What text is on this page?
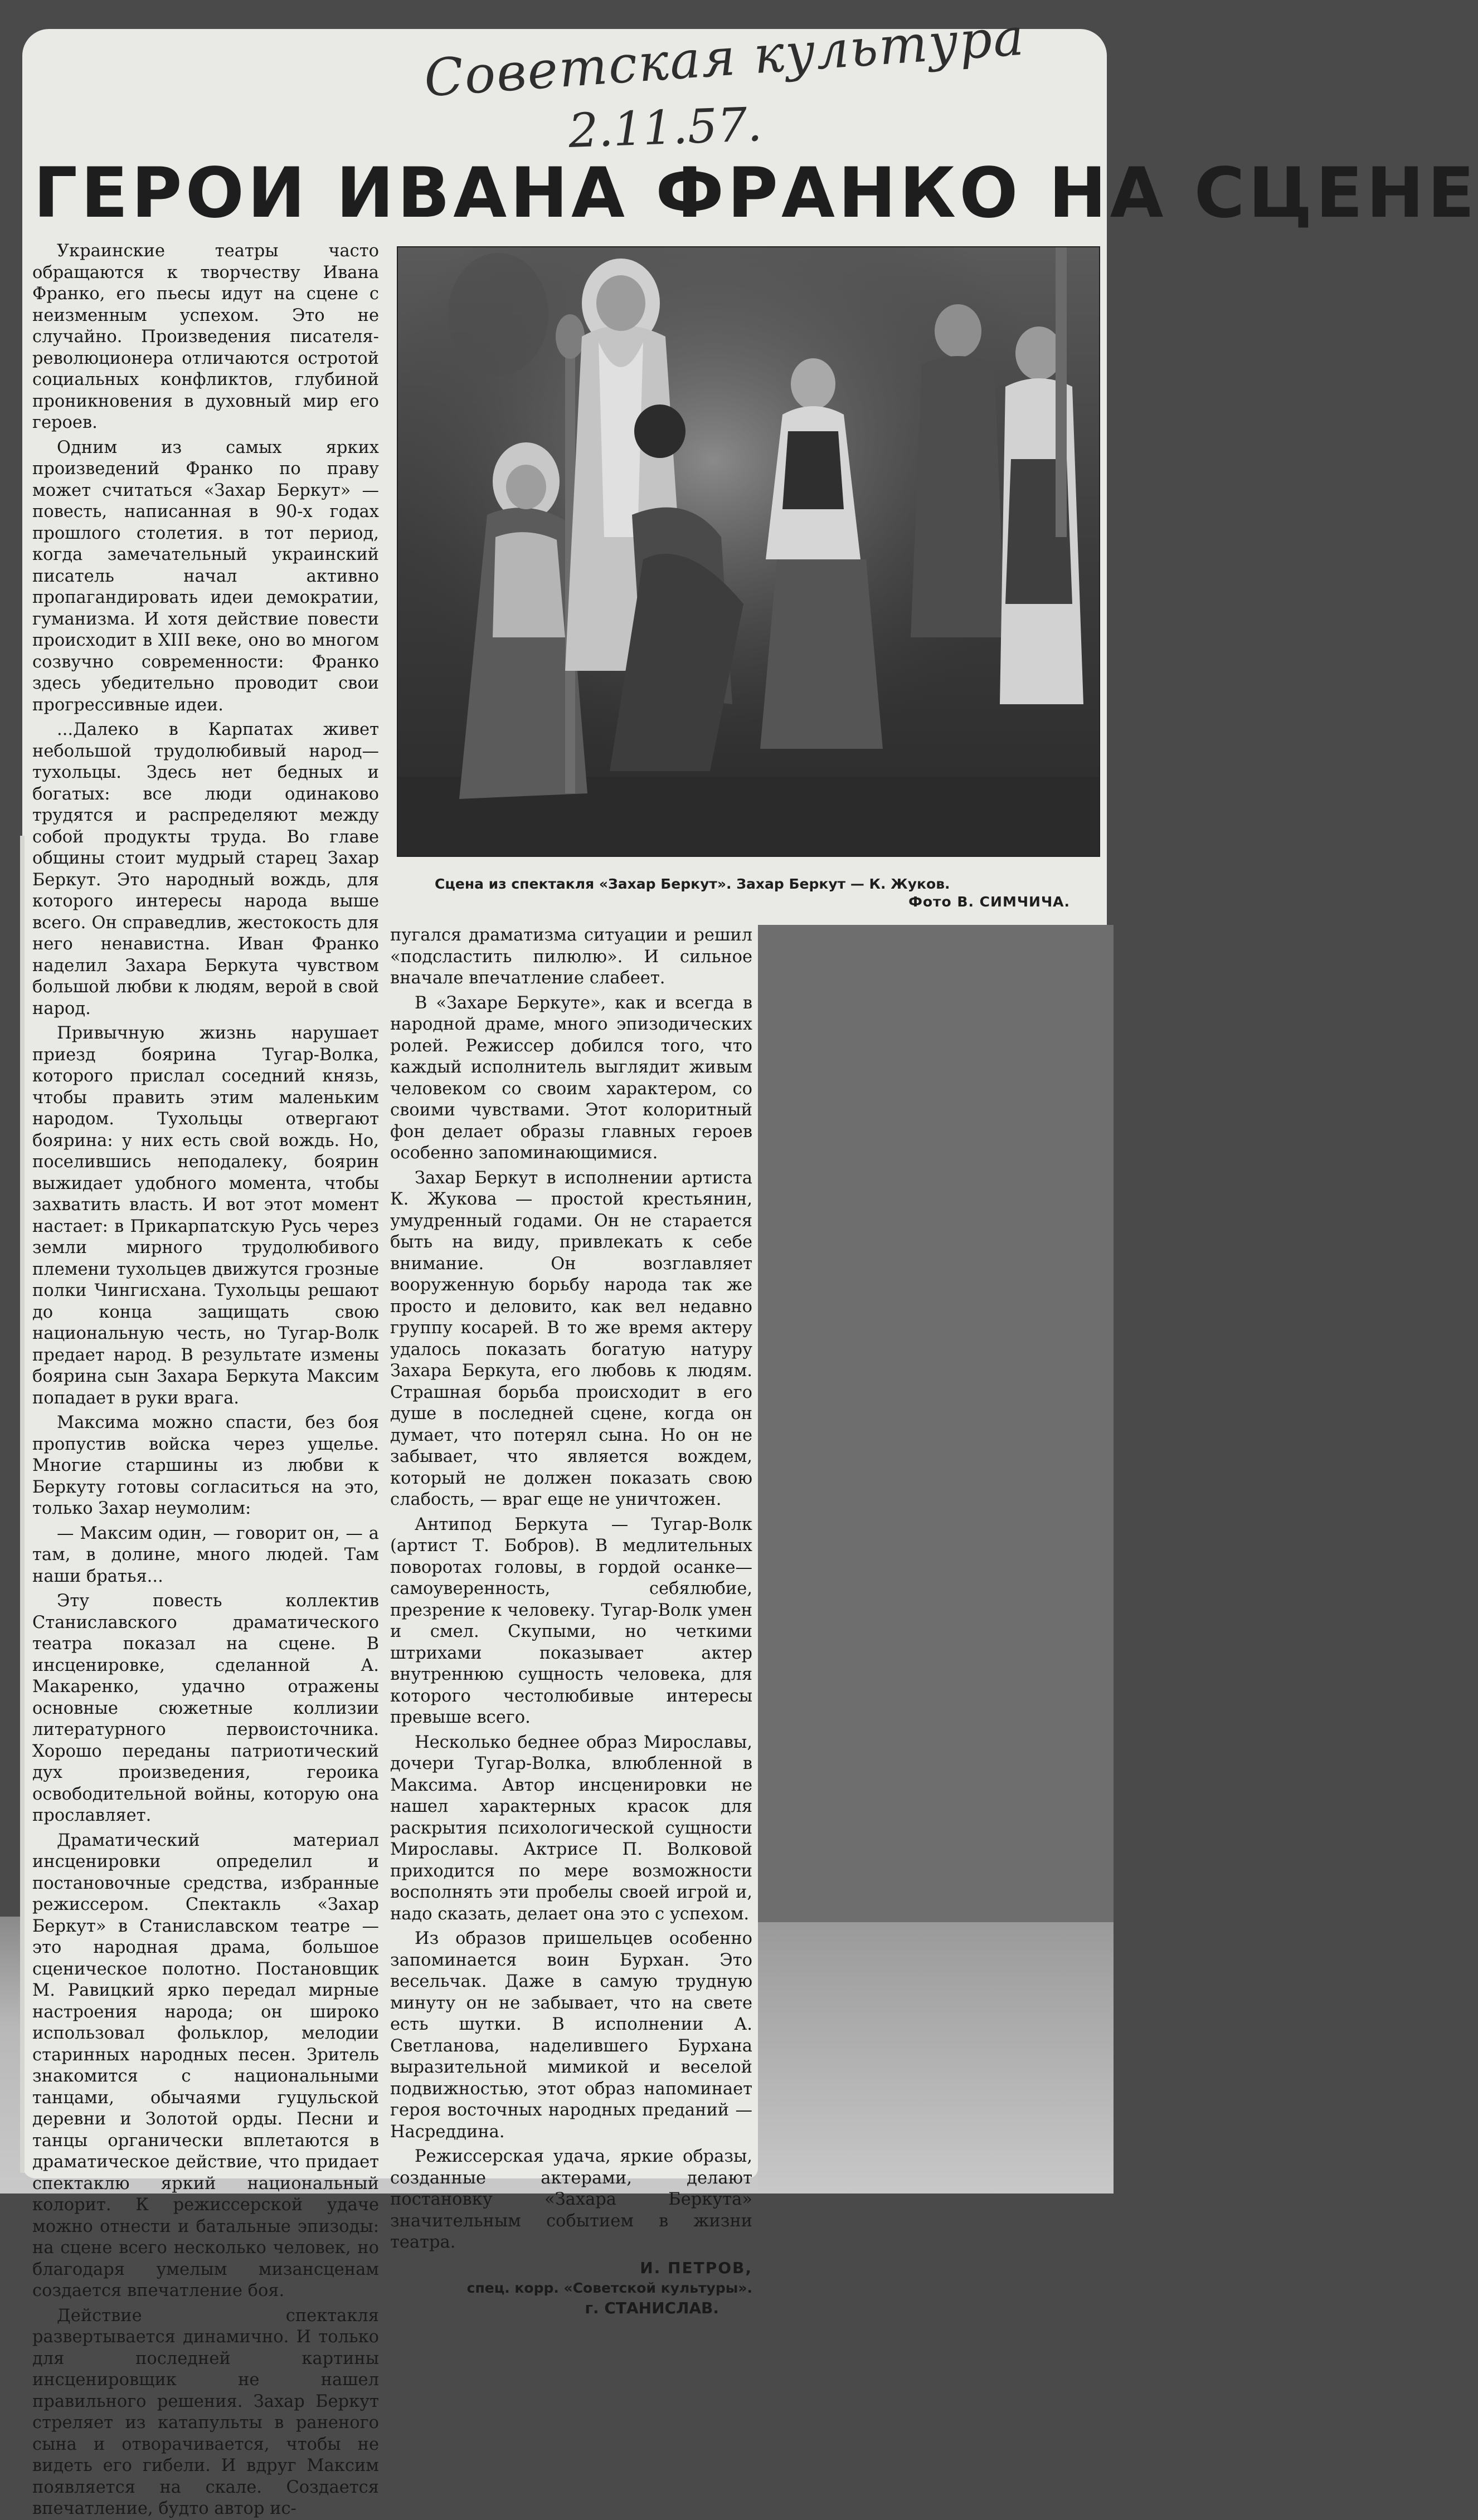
Советская культура
2.11.57.
ГЕРОИ ИВАНА ФРАНКО НА СЦЕНЕ
Сцена из спектакля «Захар Беркут». Захар Беркут — К. Жуков.
Фото В. СИМЧИЧА.

Украинские театры часто обращаются к творчеству Ивана Франко, его пьесы идут на сцене с неизменным успехом. Это не случайно. Произведения писателя-революционера отличаются остротой социальных конфликтов, глубиной проникновения в духовный мир его героев.

Одним из самых ярких произведений Франко по праву может считаться «Захар Беркут» — повесть, написанная в 90-х годах прошлого столетия. в тот период, когда замечательный украинский писатель начал активно пропагандировать идеи демократии, гуманизма. И хотя действие повести происходит в XIII веке, оно во многом созвучно современности: Франко здесь убедительно проводит свои прогрессивные идеи.

...Далеко в Карпатах живет небольшой трудолюбивый народ—тухольцы. Здесь нет бедных и богатых: все люди одинаково трудятся и распределяют между собой продукты труда. Во главе общины стоит мудрый старец Захар Беркут. Это народный вождь, для которого интересы народа выше всего. Он справедлив, жестокость для него ненавистна. Иван Франко наделил Захара Беркута чувством большой любви к людям, верой в свой народ.

Привычную жизнь нарушает приезд боярина Тугар-Волка, которого прислал соседний князь, чтобы править этим маленьким народом. Тухольцы отвергают боярина: у них есть свой вождь. Но, поселившись неподалеку, боярин выжидает удобного момента, чтобы захватить власть. И вот этот момент настает: в Прикарпатскую Русь через земли мирного трудолюбивого племени тухольцев движутся грозные полки Чингисхана. Тухольцы решают до конца защищать свою национальную честь, но Тугар-Волк предает народ. В результате измены боярина сын Захара Беркута Максим попадает в руки врага.

Максима можно спасти, без боя пропустив войска через ущелье. Многие старшины из любви к Беркуту готовы согласиться на это, только Захар неумолим:

— Максим один, — говорит он, — а там, в долине, много людей. Там наши братья...

Эту повесть коллектив Станиславского драматического театра показал на сцене. В инсценировке, сделанной А. Макаренко, удачно отражены основные сюжетные коллизии литературного первоисточника. Хорошо переданы патриотический дух произведения, героика освободительной войны, которую она прославляет.

Драматический материал инсценировки определил и постановочные средства, избранные режиссером. Спектакль «Захар Беркут» в Станиславском театре — это народная драма, большое сценическое полотно. Постановщик М. Равицкий ярко передал мирные настроения народа; он широко использовал фольклор, мелодии старинных народных песен. Зритель знакомится с национальными танцами, обычаями гуцульской деревни и Золотой орды. Песни и танцы органически вплетаются в драматическое действие, что придает спектаклю яркий национальный колорит. К режиссерской удаче можно отнести и батальные эпизоды: на сцене всего несколько человек, но благодаря умелым мизансценам создается впечатление боя.

Действие спектакля развертывается динамично. И только для последней картины инсценировщик не нашел правильного решения. Захар Беркут стреляет из катапульты в раненого сына и отворачивается, чтобы не видеть его гибели. И вдруг Максим появляется на скале. Создается впечатление, будто автор ис-

пугался драматизма ситуации и решил «подсластить пилюлю». И сильное вначале впечатление слабеет.

В «Захаре Беркуте», как и всегда в народной драме, много эпизодических ролей. Режиссер добился того, что каждый исполнитель выглядит живым человеком со своим характером, со своими чувствами. Этот колоритный фон делает образы главных героев особенно запоминающимися.

Захар Беркут в исполнении артиста К. Жукова — простой крестьянин, умудренный годами. Он не старается быть на виду, привлекать к себе внимание. Он возглавляет вооруженную борьбу народа так же просто и деловито, как вел недавно группу косарей. В то же время актеру удалось показать богатую натуру Захара Беркута, его любовь к людям. Страшная борьба происходит в его душе в последней сцене, когда он думает, что потерял сына. Но он не забывает, что является вождем, который не должен показать свою слабость, — враг еще не уничтожен.

Антипод Беркута — Тугар-Волк (артист Т. Бобров). В медлительных поворотах головы, в гордой осанке—самоуверенность, себялюбие, презрение к человеку. Тугар-Волк умен и смел. Скупыми, но четкими штрихами показывает актер внутреннюю сущность человека, для которого честолюбивые интересы превыше всего.

Несколько беднее образ Мирославы, дочери Тугар-Волка, влюбленной в Максима. Автор инсценировки не нашел характерных красок для раскрытия психологической сущности Мирославы. Актрисе П. Волковой приходится по мере возможности восполнять эти пробелы своей игрой и, надо сказать, делает она это с успехом.

Из образов пришельцев особенно запоминается воин Бурхан. Это весельчак. Даже в самую трудную минуту он не забывает, что на свете есть шутки. В исполнении А. Светланова, наделившего Бурхана выразительной мимикой и веселой подвижностью, этот образ напоминает героя восточных народных преданий — Насреддина.

Режиссерская удача, яркие образы, созданные актерами, делают постановку «Захара Беркута» значительным событием в жизни театра.

И. ПЕТРОВ,
спец. корр. «Советской культуры».
г. СТАНИСЛАВ.
